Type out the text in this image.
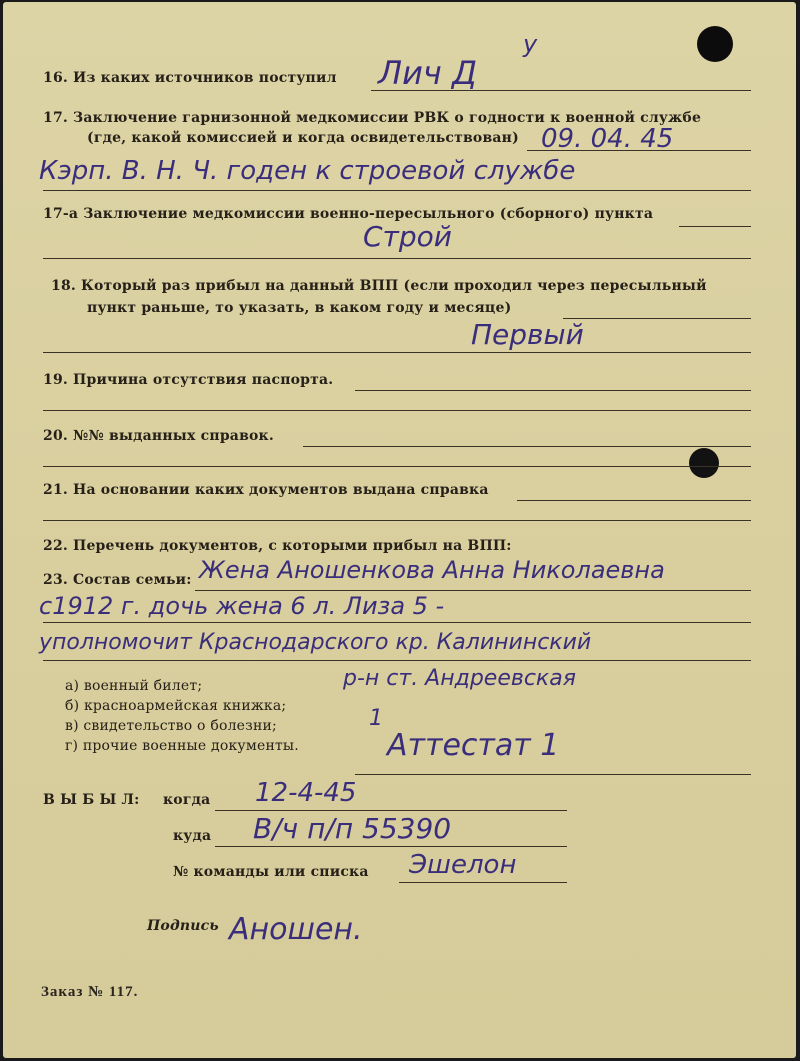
16. Из каких источников поступил Лич Д
у
17. Заключение гарнизонной медкомиссии РВК о годности к военной службе
(где, какой комиссией и когда освидетельствован) 09. 04. 45
Кэрп. В. Н. Ч. годен к строевой службе
17-а Заключение медкомиссии военно-пересыльного (сборного) пункта
Строй
18. Который раз прибыл на данный ВПП (если проходил через пересыльный
пункт раньше, то указать, в каком году и месяце)
Первый
19. Причина отсутствия паспорта.
20. №№ выданных справок.
21. На основании каких документов выдана справка
22. Перечень документов, с которыми прибыл на ВПП:
23. Состав семьи: Жена Аношенкова Анна Николаевна
с1912 г. дочь жена 6 л. Лиза 5 -
уполномочит Краснодарского кр. Калининский
р-н ст. Андреевская
а) военный билет;
б) красноармейская книжка;
в) свидетельство о болезни;
г) прочие военные документы.
1
Аттестат 1
В Ы Б Ы Л: когда 12-4-45
куда В/ч п/п 55390
№ команды или списка Эшелон
Подпись Аношен.
Заказ № 117.
